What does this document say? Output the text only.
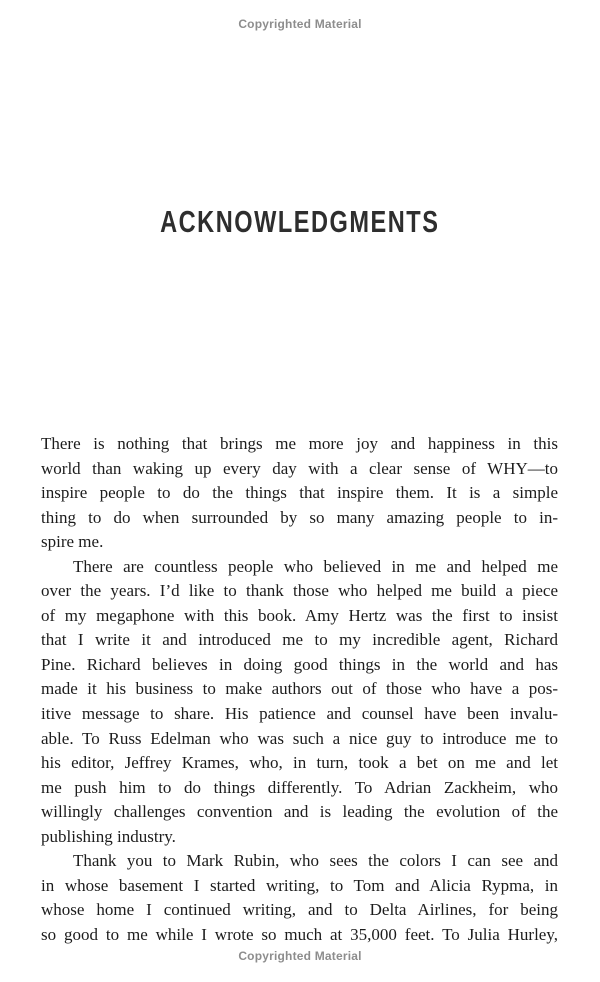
Copyrighted Material
ACKNOWLEDGMENTS
There is nothing that brings me more joy and happiness in this
world than waking up every day with a clear sense of WHY—to
inspire people to do the things that inspire them. It is a simple
thing to do when surrounded by so many amazing people to in-
spire me.
There are countless people who believed in me and helped me
over the years. I’d like to thank those who helped me build a piece
of my megaphone with this book. Amy Hertz was the first to insist
that I write it and introduced me to my incredible agent, Richard
Pine. Richard believes in doing good things in the world and has
made it his business to make authors out of those who have a pos-
itive message to share. His patience and counsel have been invalu-
able. To Russ Edelman who was such a nice guy to introduce me to
his editor, Jeffrey Krames, who, in turn, took a bet on me and let
me push him to do things differently. To Adrian Zackheim, who
willingly challenges convention and is leading the evolution of the
publishing industry.
Thank you to Mark Rubin, who sees the colors I can see and
in whose basement I started writing, to Tom and Alicia Rypma, in
whose home I continued writing, and to Delta Airlines, for being
so good to me while I wrote so much at 35,000 feet. To Julia Hurley,
Copyrighted Material
